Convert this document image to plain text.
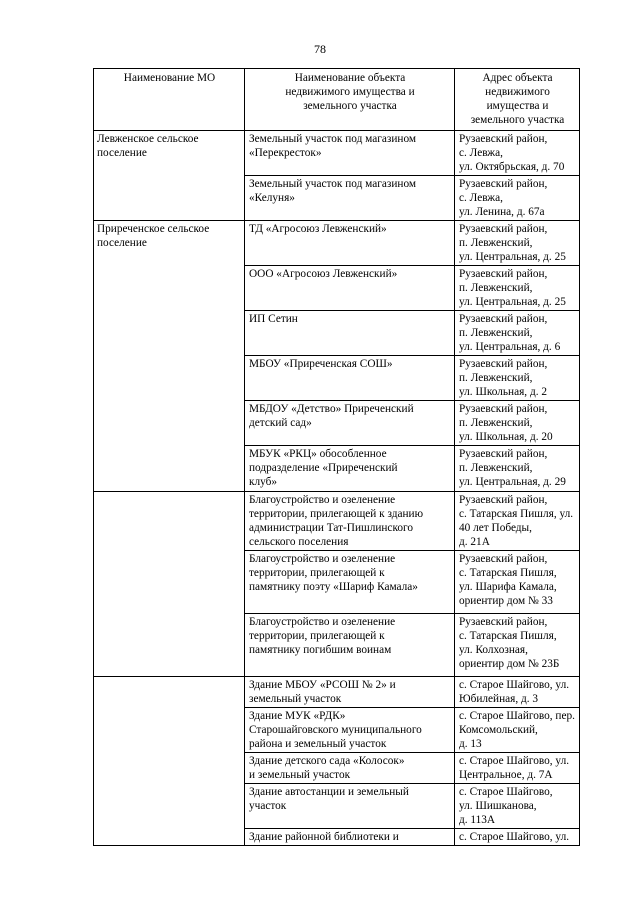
78
Наименование МО	Наименование объекта
недвижимого имущества и
земельного участка	Адрес объекта
недвижимого
имущества и
земельного участка
Левженское сельское
поселение	Земельный участок под магазином
«Перекресток»	Рузаевский район,
с. Левжа,
ул. Октябрьская, д. 70
	Земельный участок под магазином
«Келуня»	Рузаевский район,
с. Левжа,
ул. Ленина, д. 67а
Приреченское сельское
поселение	ТД «Агросоюз Левженский»	Рузаевский район,
п. Левженский,
ул. Центральная, д. 25
	ООО «Агросоюз Левженский»	Рузаевский район,
п. Левженский,
ул. Центральная, д. 25
	ИП Сетин	Рузаевский район,
п. Левженский,
ул. Центральная, д. 6
	МБОУ «Приреченская СОШ»	Рузаевский район,
п. Левженский,
ул. Школьная, д. 2
	МБДОУ «Детство» Приреченский
детский сад»	Рузаевский район,
п. Левженский,
ул. Школьная, д. 20
	МБУК «РКЦ» обособленное
подразделение «Приреченский
клуб»	Рузаевский район,
п. Левженский,
ул. Центральная, д. 29
	Благоустройство и озеленение
территории, прилегающей к зданию
администрации Тат-Пишлинского
сельского поселения	Рузаевский район,
с. Татарская Пишля, ул.
40 лет Победы,
д. 21А
	Благоустройство и озеленение
территории, прилегающей к
памятнику поэту «Шариф Камала»	Рузаевский район,
с. Татарская Пишля,
ул. Шарифа Камала,
ориентир дом № 33
	Благоустройство и озеленение
территории, прилегающей к
памятнику погибшим воинам	Рузаевский район,
с. Татарская Пишля,
ул. Колхозная,
ориентир дом № 23Б
	Здание МБОУ «РСОШ № 2» и
земельный участок	с. Старое Шайгово, ул.
Юбилейная, д. 3
	Здание МУК «РДК»
Старошайговского муниципального
района и земельный участок	с. Старое Шайгово, пер.
Комсомольский,
д. 13
	Здание детского сада «Колосок»
и земельный участок	с. Старое Шайгово, ул.
Центральное, д. 7А
	Здание автостанции и земельный
участок	с. Старое Шайгово,
ул. Шишканова,
д. 113А
	Здание районной библиотеки и	с. Старое Шайгово, ул.
